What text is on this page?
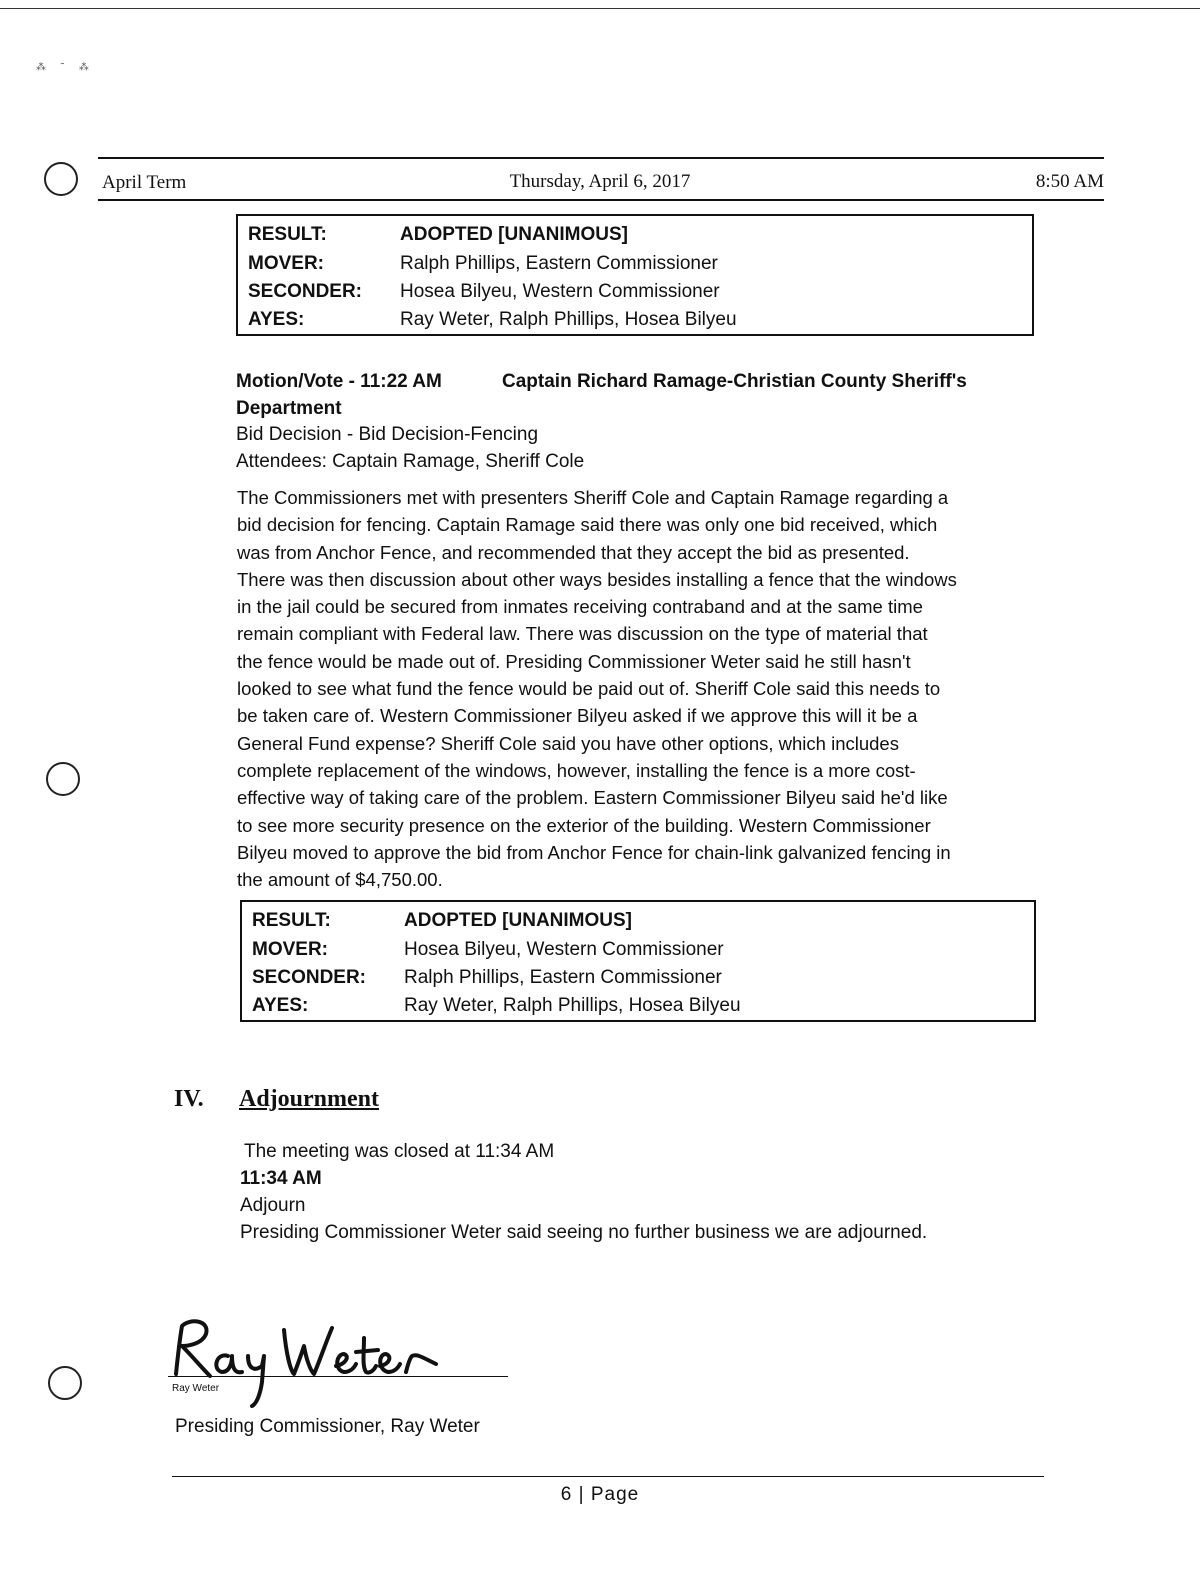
⁂ ˜ ⁂
April Term	Thursday, April 6, 2017	8:50 AM
RESULT:	ADOPTED [UNANIMOUS]
MOVER:	Ralph Phillips, Eastern Commissioner
SECONDER: Hosea Bilyeu, Western Commissioner
AYES:	Ray Weter, Ralph Phillips, Hosea Bilyeu
Motion/Vote - 11:22 AM	Captain Richard Ramage-Christian County Sheriff's
Department
Bid Decision - Bid Decision-Fencing
Attendees: Captain Ramage, Sheriff Cole
The Commissioners met with presenters Sheriff Cole and Captain Ramage regarding a
bid decision for fencing. Captain Ramage said there was only one bid received, which
was from Anchor Fence, and recommended that they accept the bid as presented.
There was then discussion about other ways besides installing a fence that the windows
in the jail could be secured from inmates receiving contraband and at the same time
remain compliant with Federal law. There was discussion on the type of material that
the fence would be made out of. Presiding Commissioner Weter said he still hasn't
looked to see what fund the fence would be paid out of. Sheriff Cole said this needs to
be taken care of. Western Commissioner Bilyeu asked if we approve this will it be a
General Fund expense? Sheriff Cole said you have other options, which includes
complete replacement of the windows, however, installing the fence is a more cost-
effective way of taking care of the problem. Eastern Commissioner Bilyeu said he'd like
to see more security presence on the exterior of the building. Western Commissioner
Bilyeu moved to approve the bid from Anchor Fence for chain-link galvanized fencing in
the amount of $4,750.00.
RESULT:	ADOPTED [UNANIMOUS]
MOVER:	Hosea Bilyeu, Western Commissioner
SECONDER: Ralph Phillips, Eastern Commissioner
AYES:	Ray Weter, Ralph Phillips, Hosea Bilyeu
IV. Adjournment
The meeting was closed at 11:34 AM
11:34 AM
Adjourn
Presiding Commissioner Weter said seeing no further business we are adjourned.
Ray Weter
Presiding Commissioner, Ray Weter
6 | Page
